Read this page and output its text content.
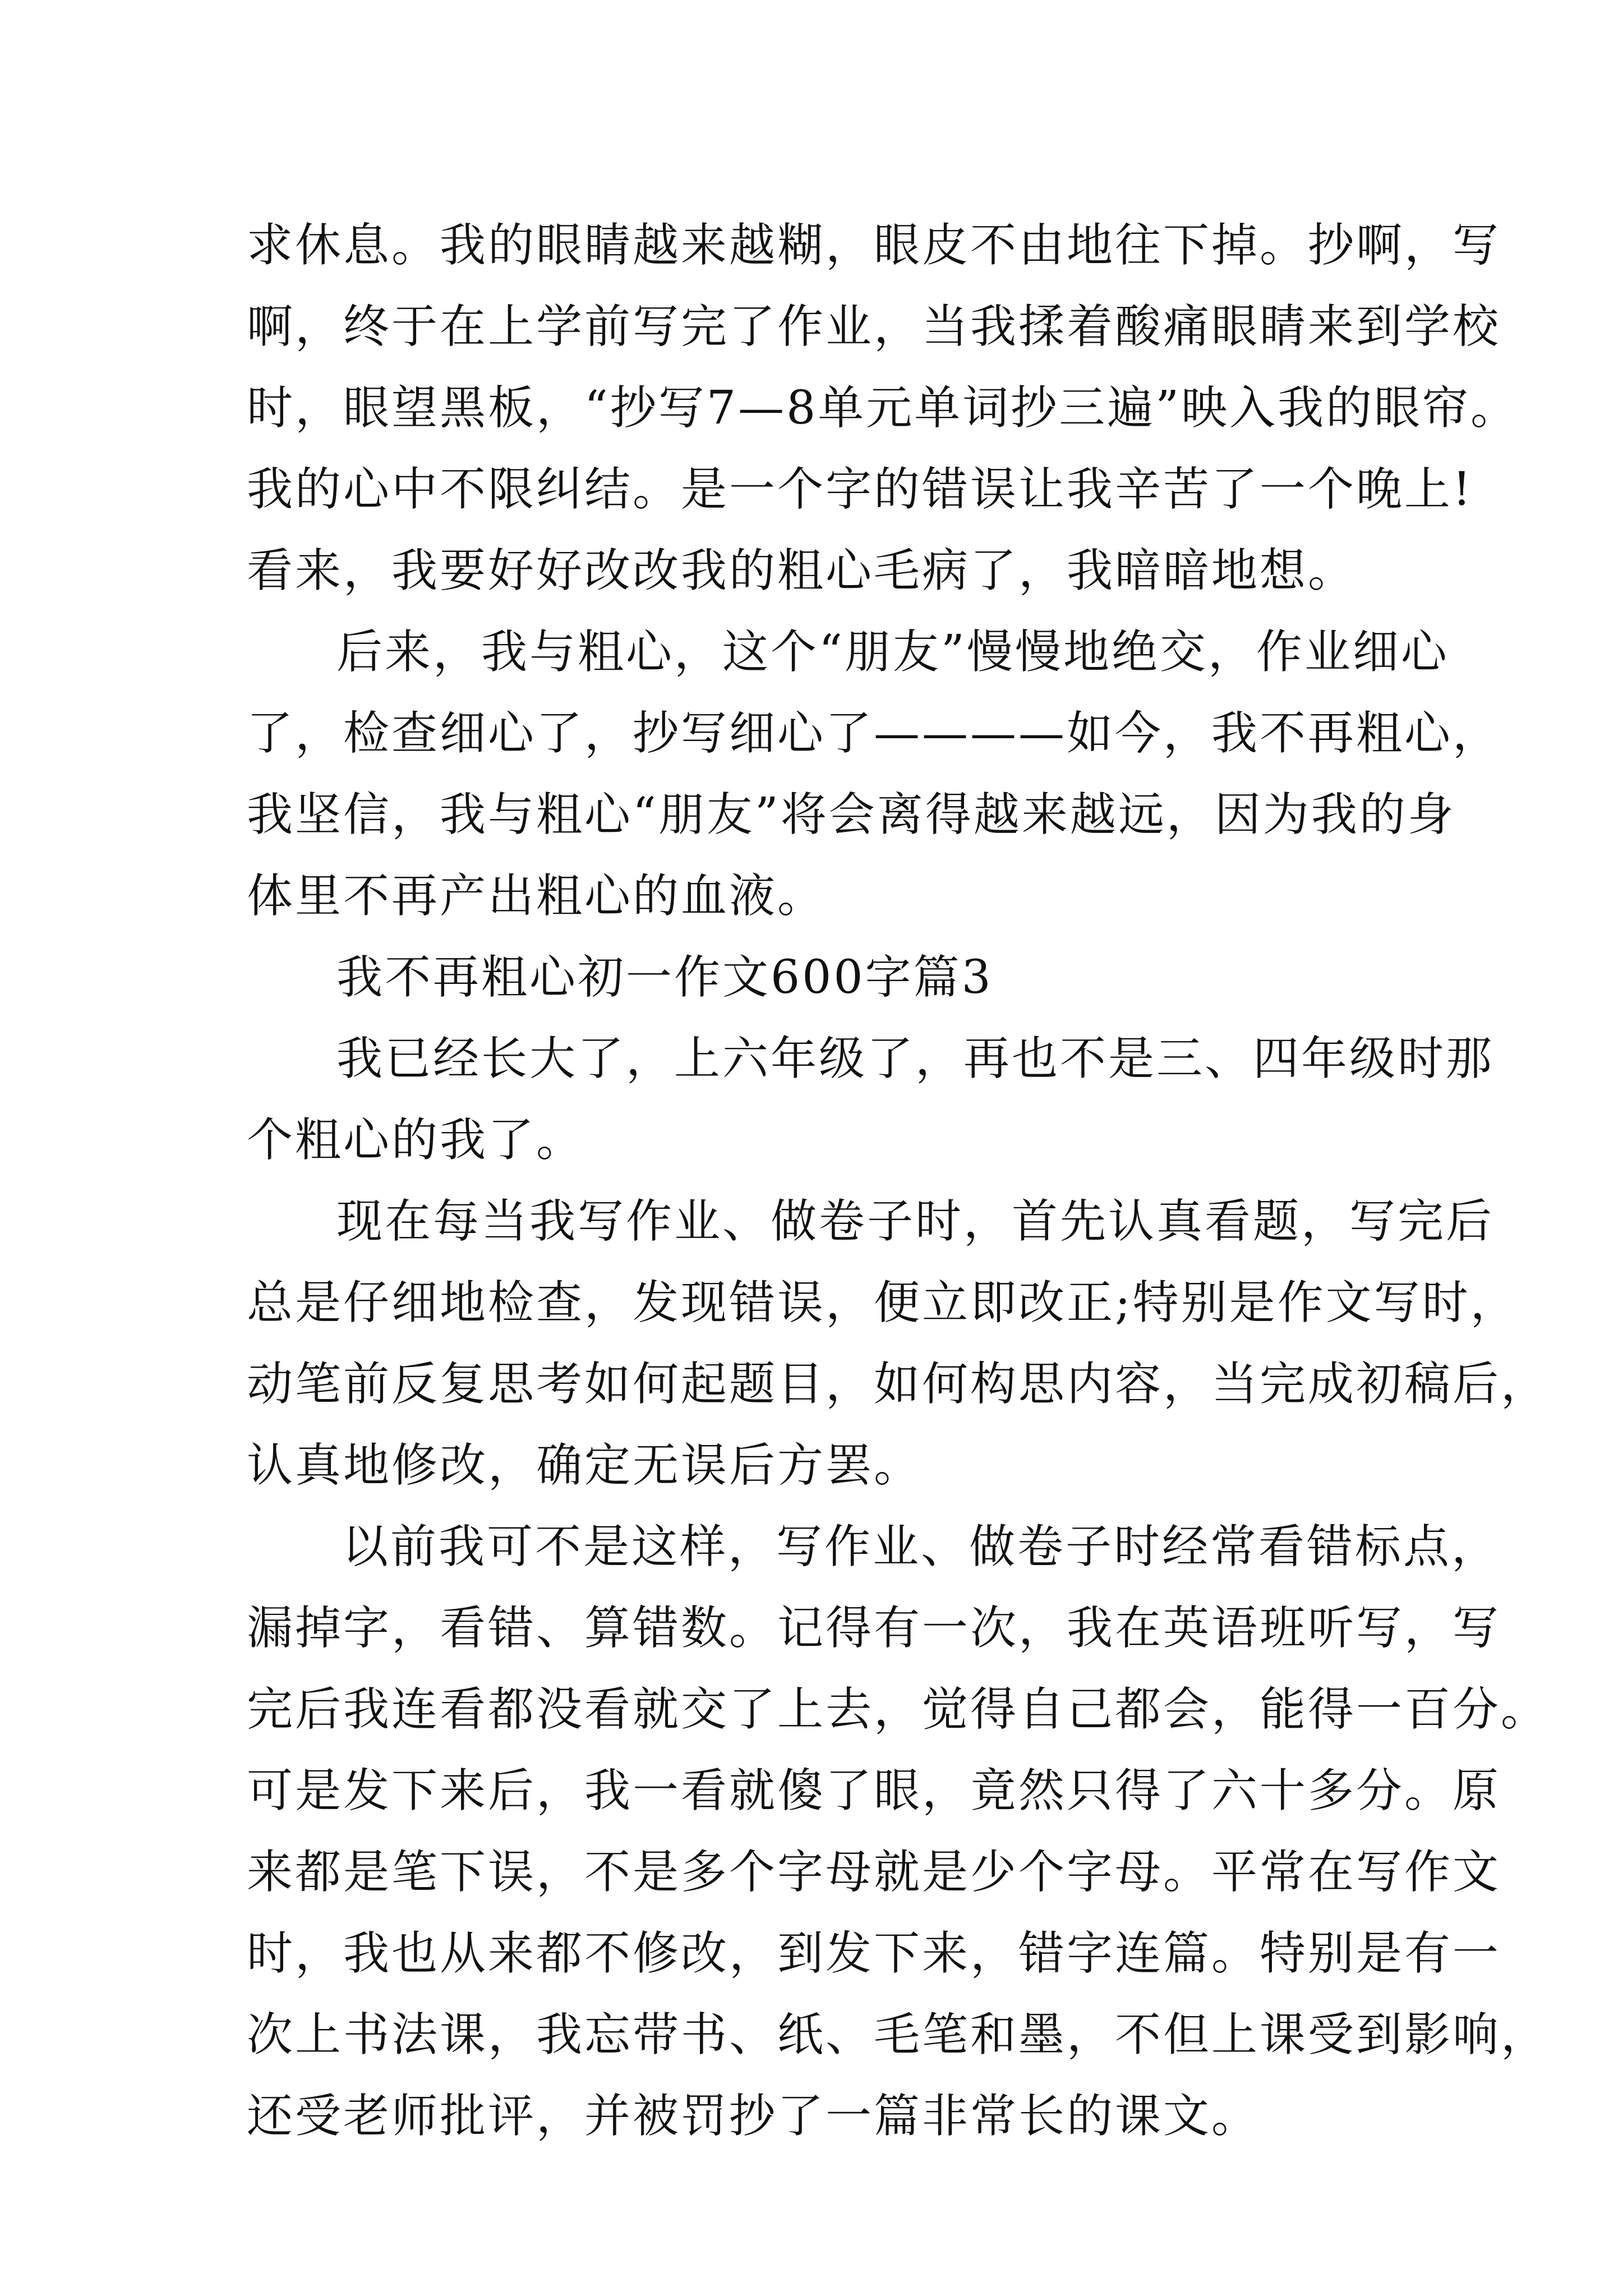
求休息。我的眼睛越来越糊，眼皮不由地往下掉。抄啊，写

啊，终于在上学前写完了作业，当我揉着酸痛眼睛来到学校

时，眼望黑板，“抄写7—8单元单词抄三遍”映入我的眼帘。

我的心中不限纠结。是一个字的错误让我辛苦了一个晚上!

看来，我要好好改改我的粗心毛病了，我暗暗地想。

后来，我与粗心，这个“朋友”慢慢地绝交，作业细心

了，检查细心了，抄写细心了————如今，我不再粗心，

我坚信，我与粗心“朋友”将会离得越来越远，因为我的身

体里不再产出粗心的血液。

我不再粗心初一作文600字篇3

我已经长大了，上六年级了，再也不是三、四年级时那

个粗心的我了。

现在每当我写作业、做卷子时，首先认真看题，写完后

总是仔细地检查，发现错误，便立即改正;特别是作文写时，

动笔前反复思考如何起题目，如何构思内容，当完成初稿后，

认真地修改，确定无误后方罢。

以前我可不是这样，写作业、做卷子时经常看错标点，

漏掉字，看错、算错数。记得有一次，我在英语班听写，写

完后我连看都没看就交了上去，觉得自己都会，能得一百分。

可是发下来后，我一看就傻了眼，竟然只得了六十多分。原

来都是笔下误，不是多个字母就是少个字母。平常在写作文

时，我也从来都不修改，到发下来，错字连篇。特别是有一

次上书法课，我忘带书、纸、毛笔和墨，不但上课受到影响，

还受老师批评，并被罚抄了一篇非常长的课文。
